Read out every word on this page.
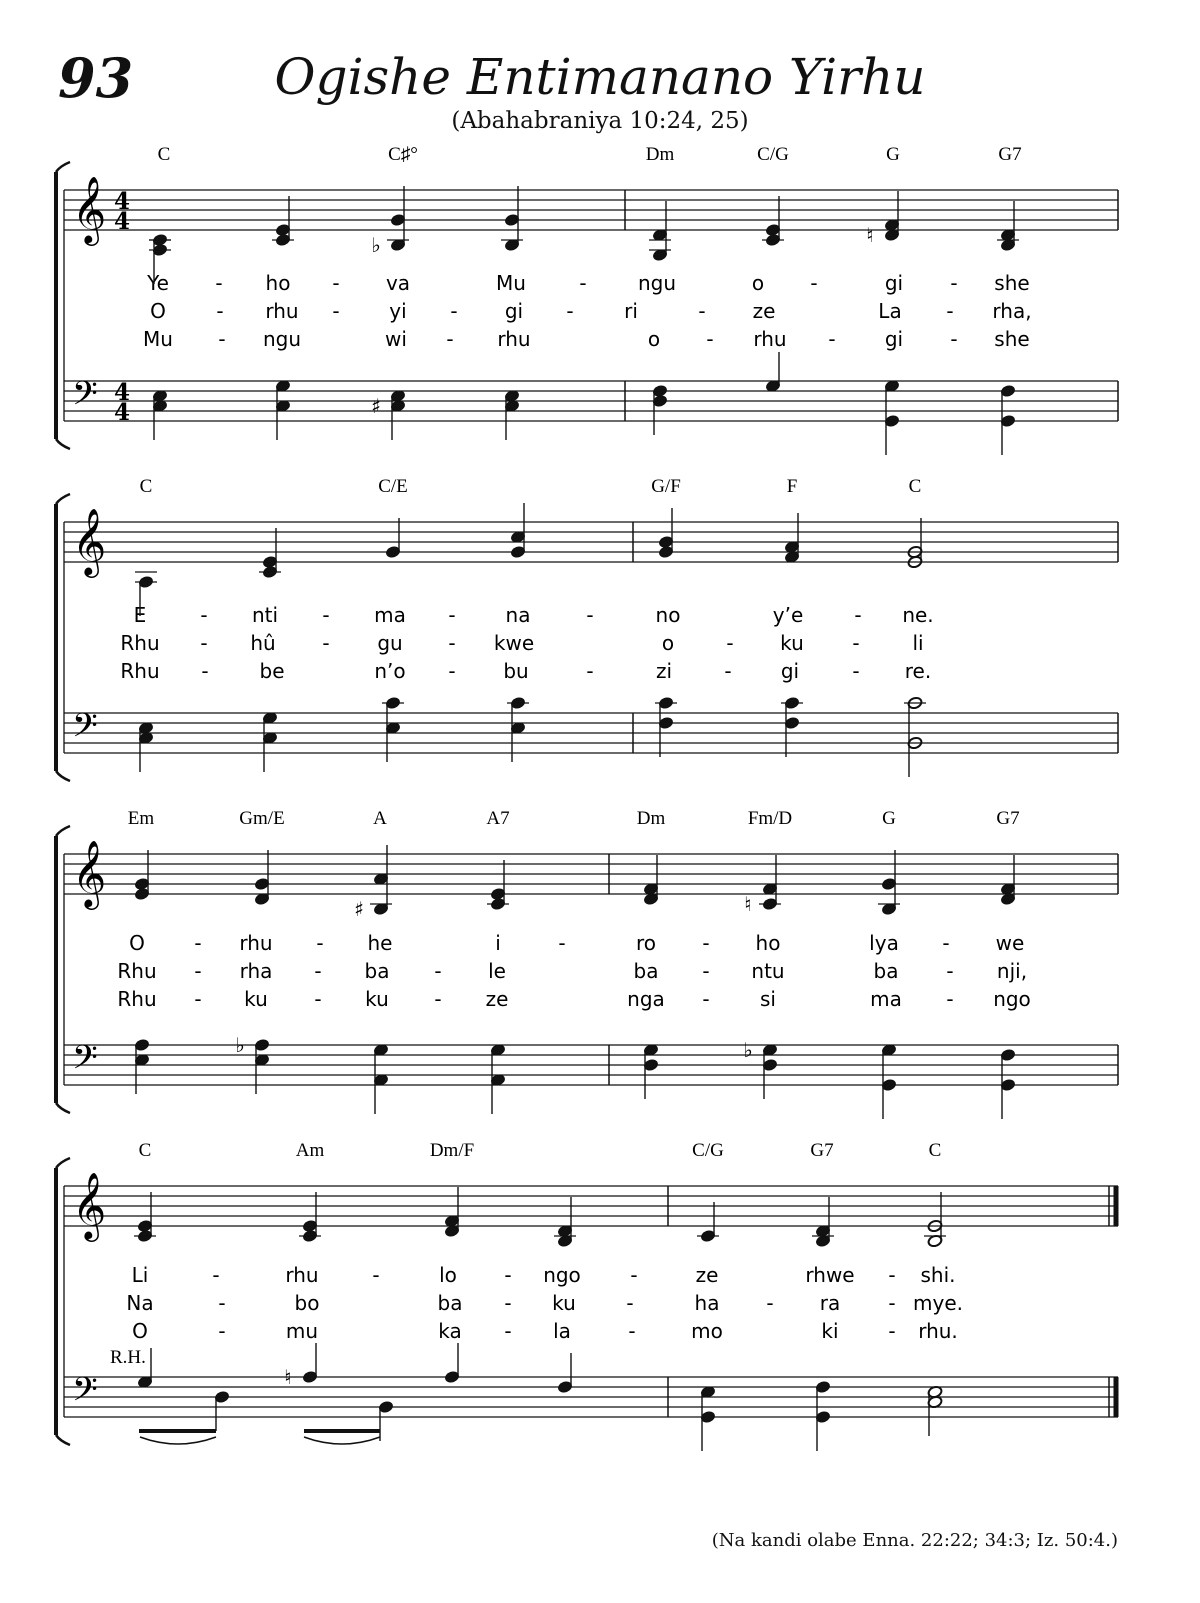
93	Ogishe Entimanano Yirhu
(Abahabraniya 10:24, 25)
𝄞
𝄢
4
4
4
4
C	C♯°	Dm	C/G	G	G7
Ye - ho - va	Mu	-	ngu	o -	gi - she
O	- rhu - yi - gi -	ri	- ze	La - rha,
Mu - ngu	wi - rhu	o - rhu - gi - she
♭	♮
♯
𝄞
𝄢
C	C/E	G/F	F	C
E	- nti - ma - na	-	no	y’e	- ne.
Rhu - hû - gu - kwe	o	- ku -	li
Rhu -	be	n’o - bu	-	zi	- gi	- re.
𝄞
𝄢
Em	Gm/E	A	A7	Dm	Fm/D	G	G7
O - rhu - he	i	-	ro - ho	lya - we
Rhu - rha - ba - le	ba - ntu	ba - nji,
Rhu - ku - ku - ze	nga -	si	ma - ngo
♯	♮
♭	♭
𝄞
𝄢
C	Am	Dm/F	C/G	G7	C
Li	-	rhu	-	lo - ngo -	ze	rhwe - shi.
Na	-	bo	ba - ku	-	ha - ra - mye.
O	-	mu	ka - la	-	mo	ki - rhu.
♮
R.H.
(Na kandi olabe Enna. 22:22; 34:3; Iz. 50:4.)
